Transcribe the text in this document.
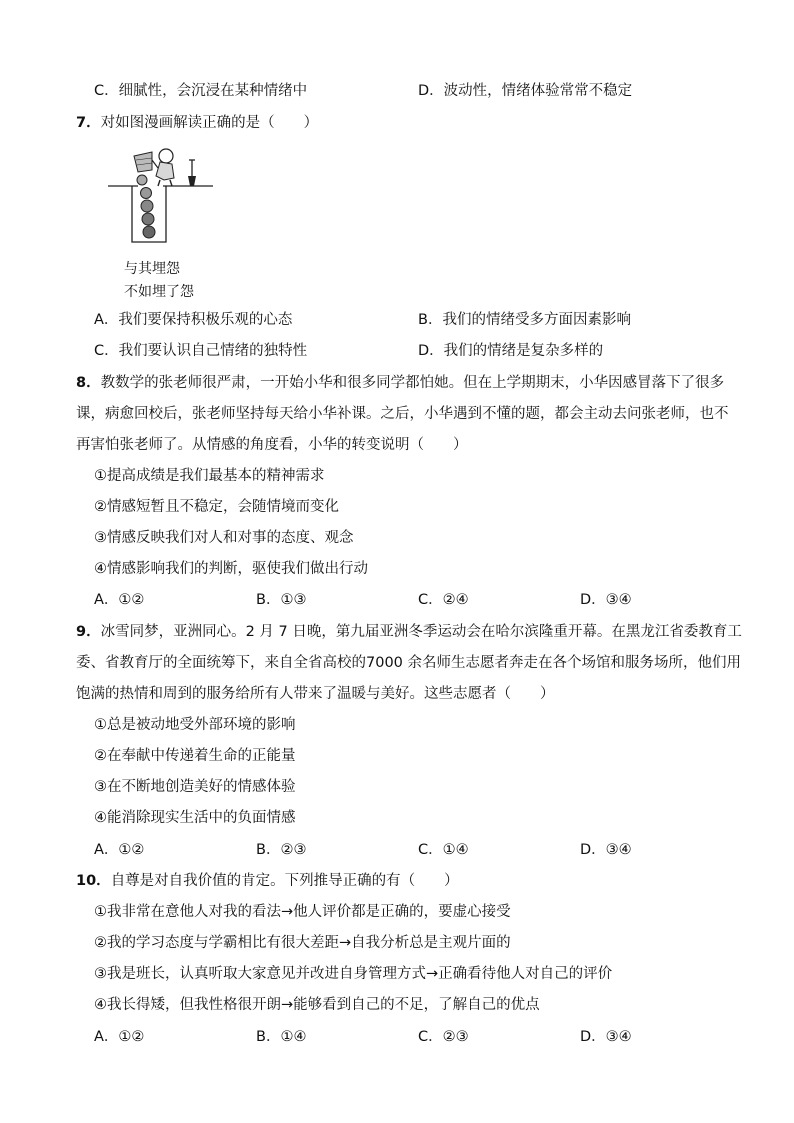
C．细腻性，会沉浸在某种情绪中	D．波动性，情绪体验常常不稳定
7．对如图漫画解读正确的是（　　）
与其埋怨
不如埋了怨
A．我们要保持积极乐观的心态	B．我们的情绪受多方面因素影响
C．我们要认识自己情绪的独特性	D．我们的情绪是复杂多样的
8．教数学的张老师很严肃，一开始小华和很多同学都怕她。但在上学期期末，小华因感冒落下了很多
课，病愈回校后，张老师坚持每天给小华补课。之后，小华遇到不懂的题，都会主动去问张老师，也不
再害怕张老师了。从情感的角度看，小华的转变说明（　　）
①提高成绩是我们最基本的精神需求
②情感短暂且不稳定，会随情境而变化
③情感反映我们对人和对事的态度、观念
④情感影响我们的判断，驱使我们做出行动
A．①②	B．①③	C．②④	D．③④
9．冰雪同梦，亚洲同心。2 月 7 日晚，第九届亚洲冬季运动会在哈尔滨隆重开幕。在黑龙江省委教育工
委、省教育厅的全面统筹下，来自全省高校的7000 余名师生志愿者奔走在各个场馆和服务场所，他们用
饱满的热情和周到的服务给所有人带来了温暖与美好。这些志愿者（　　）
①总是被动地受外部环境的影响
②在奉献中传递着生命的正能量
③在不断地创造美好的情感体验
④能消除现实生活中的负面情感
A．①②	B．②③	C．①④	D．③④
10．自尊是对自我价值的肯定。下列推导正确的有（　　）
①我非常在意他人对我的看法→他人评价都是正确的，要虚心接受
②我的学习态度与学霸相比有很大差距→自我分析总是主观片面的
③我是班长，认真听取大家意见并改进自身管理方式→正确看待他人对自己的评价
④我长得矮，但我性格很开朗→能够看到自己的不足，了解自己的优点
A．①②	B．①④	C．②③	D．③④
